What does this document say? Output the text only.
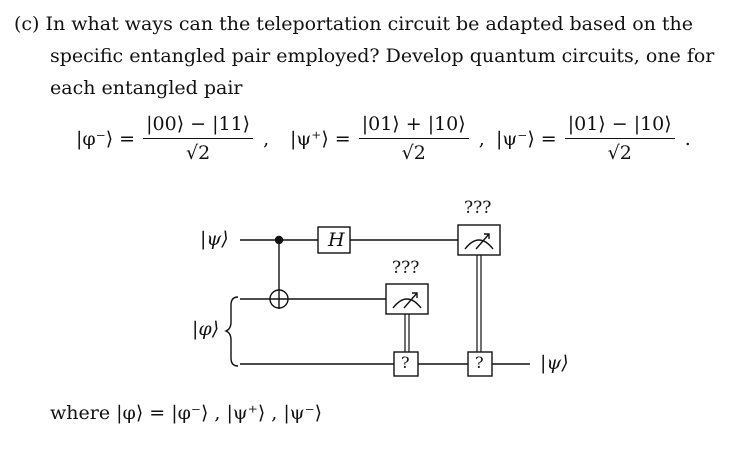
(c) In what ways can the teleportation circuit be adapted based on the
specific entangled pair employed? Develop quantum circuits, one for
each entangled pair
|φ⁻⟩ = $\frac{|00⟩ - |11⟩}{√2}$ , |ψ⁺⟩ = $\frac{|01⟩ + |10⟩}{√2}$ , |ψ⁻⟩ = $\frac{|01⟩ - |10⟩}{√2}$ .
|ψ⟩
|φ⟩
H
???
???
?	?	|ψ⟩
where |φ⟩ = |φ⁻⟩ , |ψ⁺⟩ , |ψ⁻⟩
